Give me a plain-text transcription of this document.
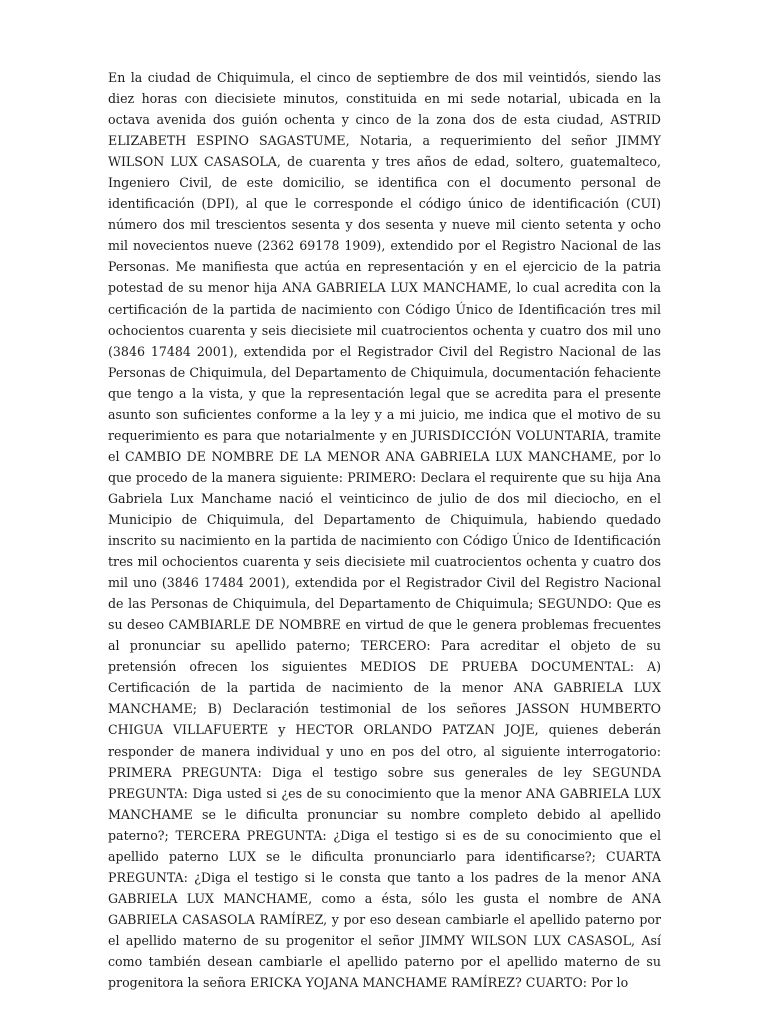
En la ciudad de Chiquimula, el cinco de septiembre de dos mil veintidós, siendo las diez horas con diecisiete minutos, constituida en mi sede notarial, ubicada en la octava avenida dos guión ochenta y cinco de la zona dos de esta ciudad, ASTRID ELIZABETH ESPINO SAGASTUME, Notaria, a requerimiento del señor JIMMY WILSON LUX CASASOLA, de cuarenta y tres años de edad, soltero, guatemalteco, Ingeniero Civil, de este domicilio, se identifica con el documento personal de identificación (DPI), al que le corresponde el código único de identificación (CUI) número dos mil trescientos sesenta y dos sesenta y nueve mil ciento setenta y ocho mil novecientos nueve (2362 69178 1909), extendido por el Registro Nacional de las Personas. Me manifiesta que actúa en representación y en el ejercicio de la patria potestad de su menor hija ANA GABRIELA LUX MANCHAME, lo cual acredita con la certificación de la partida de nacimiento con Código Único de Identificación tres mil ochocientos cuarenta y seis diecisiete mil cuatrocientos ochenta y cuatro dos mil uno (3846 17484 2001), extendida por el Registrador Civil del Registro Nacional de las Personas de Chiquimula, del Departamento de Chiquimula, documentación fehaciente que tengo a la vista, y que la representación legal que se acredita para el presente asunto son suficientes conforme a la ley y a mi juicio, me indica que el motivo de su requerimiento es para que notarialmente y en JURISDICCIÓN VOLUNTARIA, tramite el CAMBIO DE NOMBRE DE LA MENOR ANA GABRIELA LUX MANCHAME, por lo que procedo de la manera siguiente: PRIMERO: Declara el requirente que su hija Ana Gabriela Lux Manchame nació el veinticinco de julio de dos mil dieciocho, en el Municipio de Chiquimula, del Departamento de Chiquimula, habiendo quedado inscrito su nacimiento en la partida de nacimiento con Código Único de Identificación tres mil ochocientos cuarenta y seis diecisiete mil cuatrocientos ochenta y cuatro dos mil uno (3846 17484 2001), extendida por el Registrador Civil del Registro Nacional de las Personas de Chiquimula, del Departamento de Chiquimula; SEGUNDO: Que es su deseo CAMBIARLE DE NOMBRE en virtud de que le genera problemas frecuentes al pronunciar su apellido paterno; TERCERO: Para acreditar el objeto de su pretensión ofrecen los siguientes MEDIOS DE PRUEBA DOCUMENTAL: A) Certificación de la partida de nacimiento de la menor ANA GABRIELA LUX MANCHAME; B) Declaración testimonial de los señores JASSON HUMBERTO CHIGUA VILLAFUERTE y HECTOR ORLANDO PATZAN JOJE, quienes deberán responder de manera individual y uno en pos del otro, al siguiente interrogatorio: PRIMERA PREGUNTA: Diga el testigo sobre sus generales de ley SEGUNDA PREGUNTA: Diga usted si ¿es de su conocimiento que la menor ANA GABRIELA LUX MANCHAME se le dificulta pronunciar su nombre completo debido al apellido paterno?; TERCERA PREGUNTA: ¿Diga el testigo si es de su conocimiento que el apellido paterno LUX se le dificulta pronunciarlo para identificarse?; CUARTA PREGUNTA: ¿Diga el testigo si le consta que tanto a los padres de la menor ANA GABRIELA LUX MANCHAME, como a ésta, sólo les gusta el nombre de ANA GABRIELA CASASOLA RAMÍREZ, y por eso desean cambiarle el apellido paterno por el apellido materno de su progenitor el señor JIMMY WILSON LUX CASASOL, Así como también desean cambiarle el apellido paterno por el apellido materno de su progenitora la señora ERICKA YOJANA MANCHAME RAMÍREZ? CUARTO: Por lo
